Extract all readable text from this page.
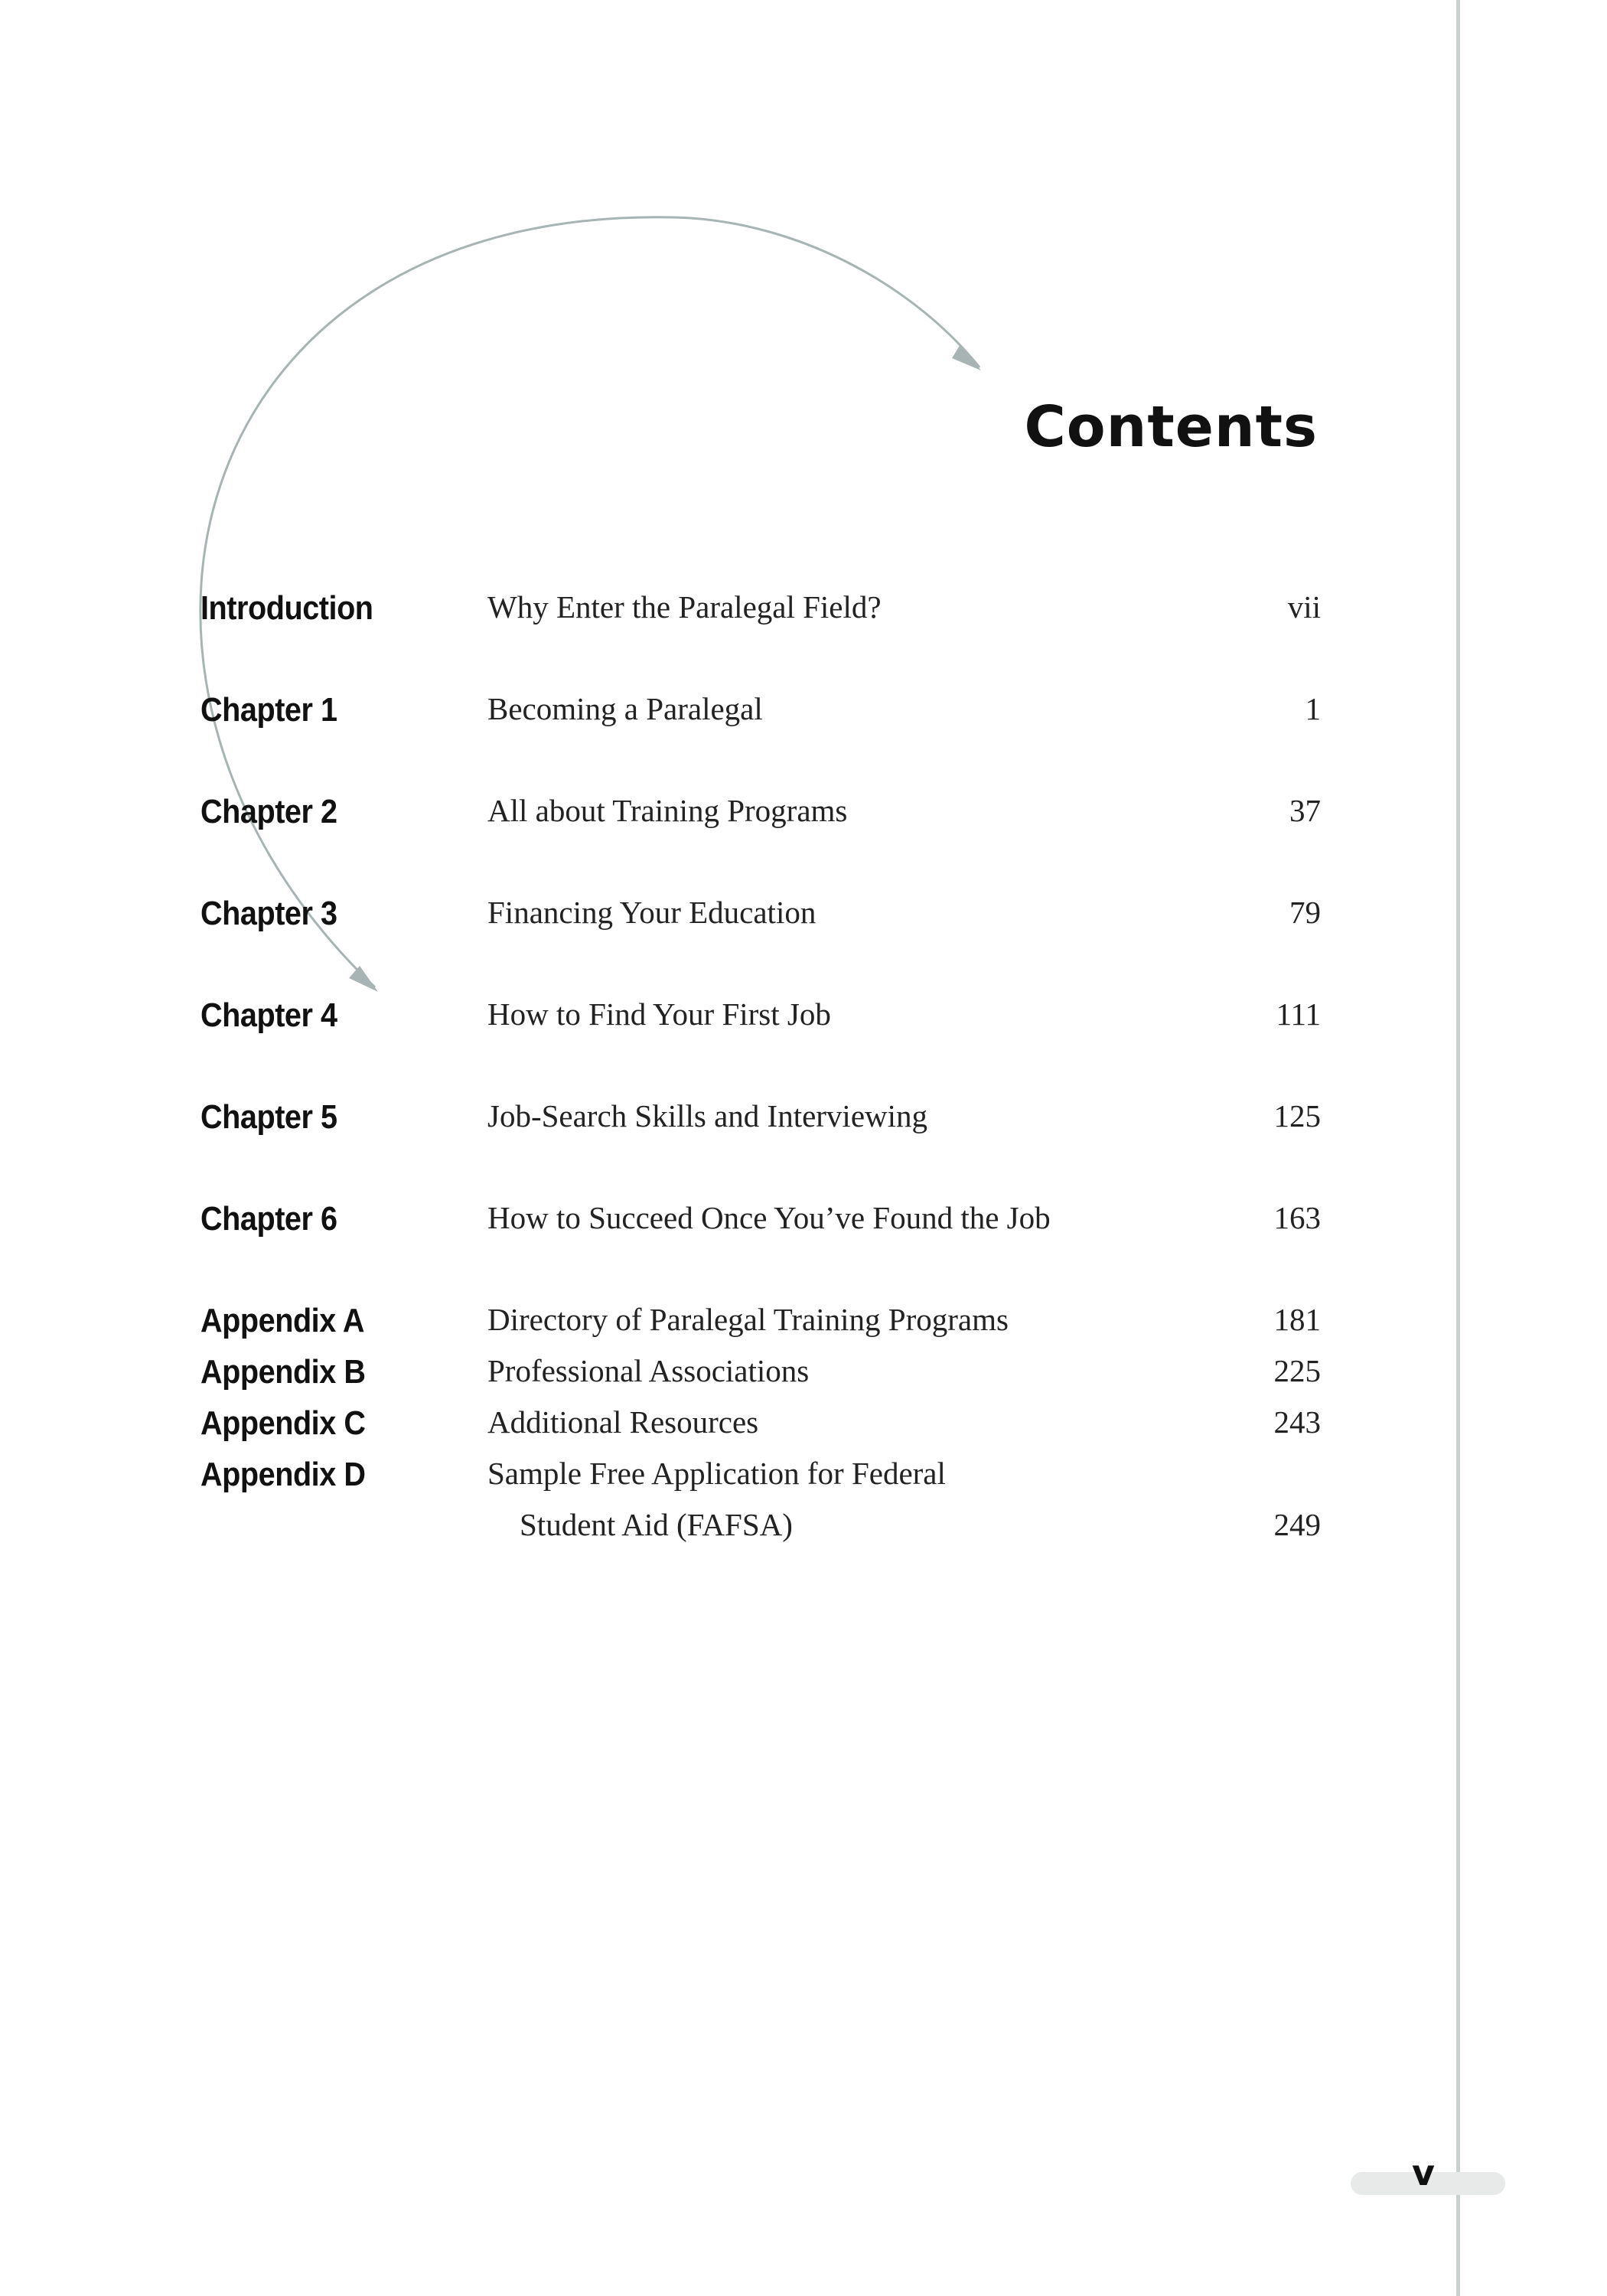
Contents
Introduction	Why Enter the Paralegal Field?	vii
Chapter 1	Becoming a Paralegal	1
Chapter 2	All about Training Programs	37
Chapter 3	Financing Your Education	79
Chapter 4	How to Find Your First Job	111
Chapter 5	Job-Search Skills and Interviewing	125
Chapter 6	How to Succeed Once You’ve Found the Job	163
Appendix A	Directory of Paralegal Training Programs	181
Appendix B	Professional Associations	225
Appendix C	Additional Resources	243
Appendix D	Sample Free Application for Federal
Student Aid (FAFSA)	249
v
